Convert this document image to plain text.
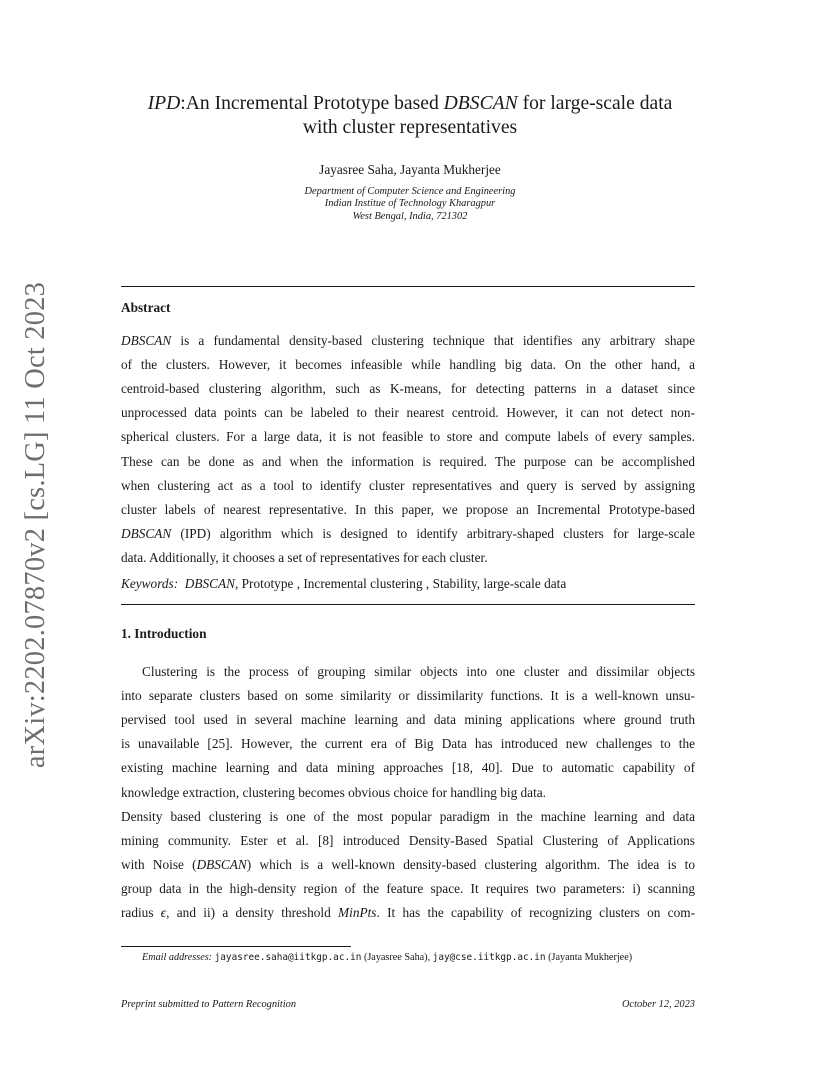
arXiv:2202.07870v2 [cs.LG] 11 Oct 2023
IPD:An Incremental Prototype based DBSCAN for large-scale data
with cluster representatives
Jayasree Saha, Jayanta Mukherjee
Department of Computer Science and Engineering
Indian Institue of Technology Kharagpur
West Bengal, India, 721302
Abstract

DBSCAN is a fundamental density-based clustering technique that identifies any arbitrary shape

of the clusters. However, it becomes infeasible while handling big data. On the other hand, a

centroid-based clustering algorithm, such as K-means, for detecting patterns in a dataset since

unprocessed data points can be labeled to their nearest centroid. However, it can not detect non-

spherical clusters. For a large data, it is not feasible to store and compute labels of every samples.

These can be done as and when the information is required. The purpose can be accomplished

when clustering act as a tool to identify cluster representatives and query is served by assigning

cluster labels of nearest representative. In this paper, we propose an Incremental Prototype-based

DBSCAN (IPD) algorithm which is designed to identify arbitrary-shaped clusters for large-scale

data. Additionally, it chooses a set of representatives for each cluster.

Keywords: DBSCAN, Prototype , Incremental clustering , Stability, large-scale data
1. Introduction

Clustering is the process of grouping similar objects into one cluster and dissimilar objects

into separate clusters based on some similarity or dissimilarity functions. It is a well-known unsu-

pervised tool used in several machine learning and data mining applications where ground truth

is unavailable [25]. However, the current era of Big Data has introduced new challenges to the

existing machine learning and data mining approaches [18, 40]. Due to automatic capability of

knowledge extraction, clustering becomes obvious choice for handling big data.

Density based clustering is one of the most popular paradigm in the machine learning and data

mining community. Ester et al. [8] introduced Density-Based Spatial Clustering of Applications

with Noise (DBSCAN) which is a well-known density-based clustering algorithm. The idea is to

group data in the high-density region of the feature space. It requires two parameters: i) scanning

radius ϵ, and ii) a density threshold MinPts. It has the capability of recognizing clusters on com-

Email addresses: jayasree.saha@iitkgp.ac.in (Jayasree Saha), jay@cse.iitkgp.ac.in (Jayanta Mukherjee)
Preprint submitted to Pattern Recognition	October 12, 2023
